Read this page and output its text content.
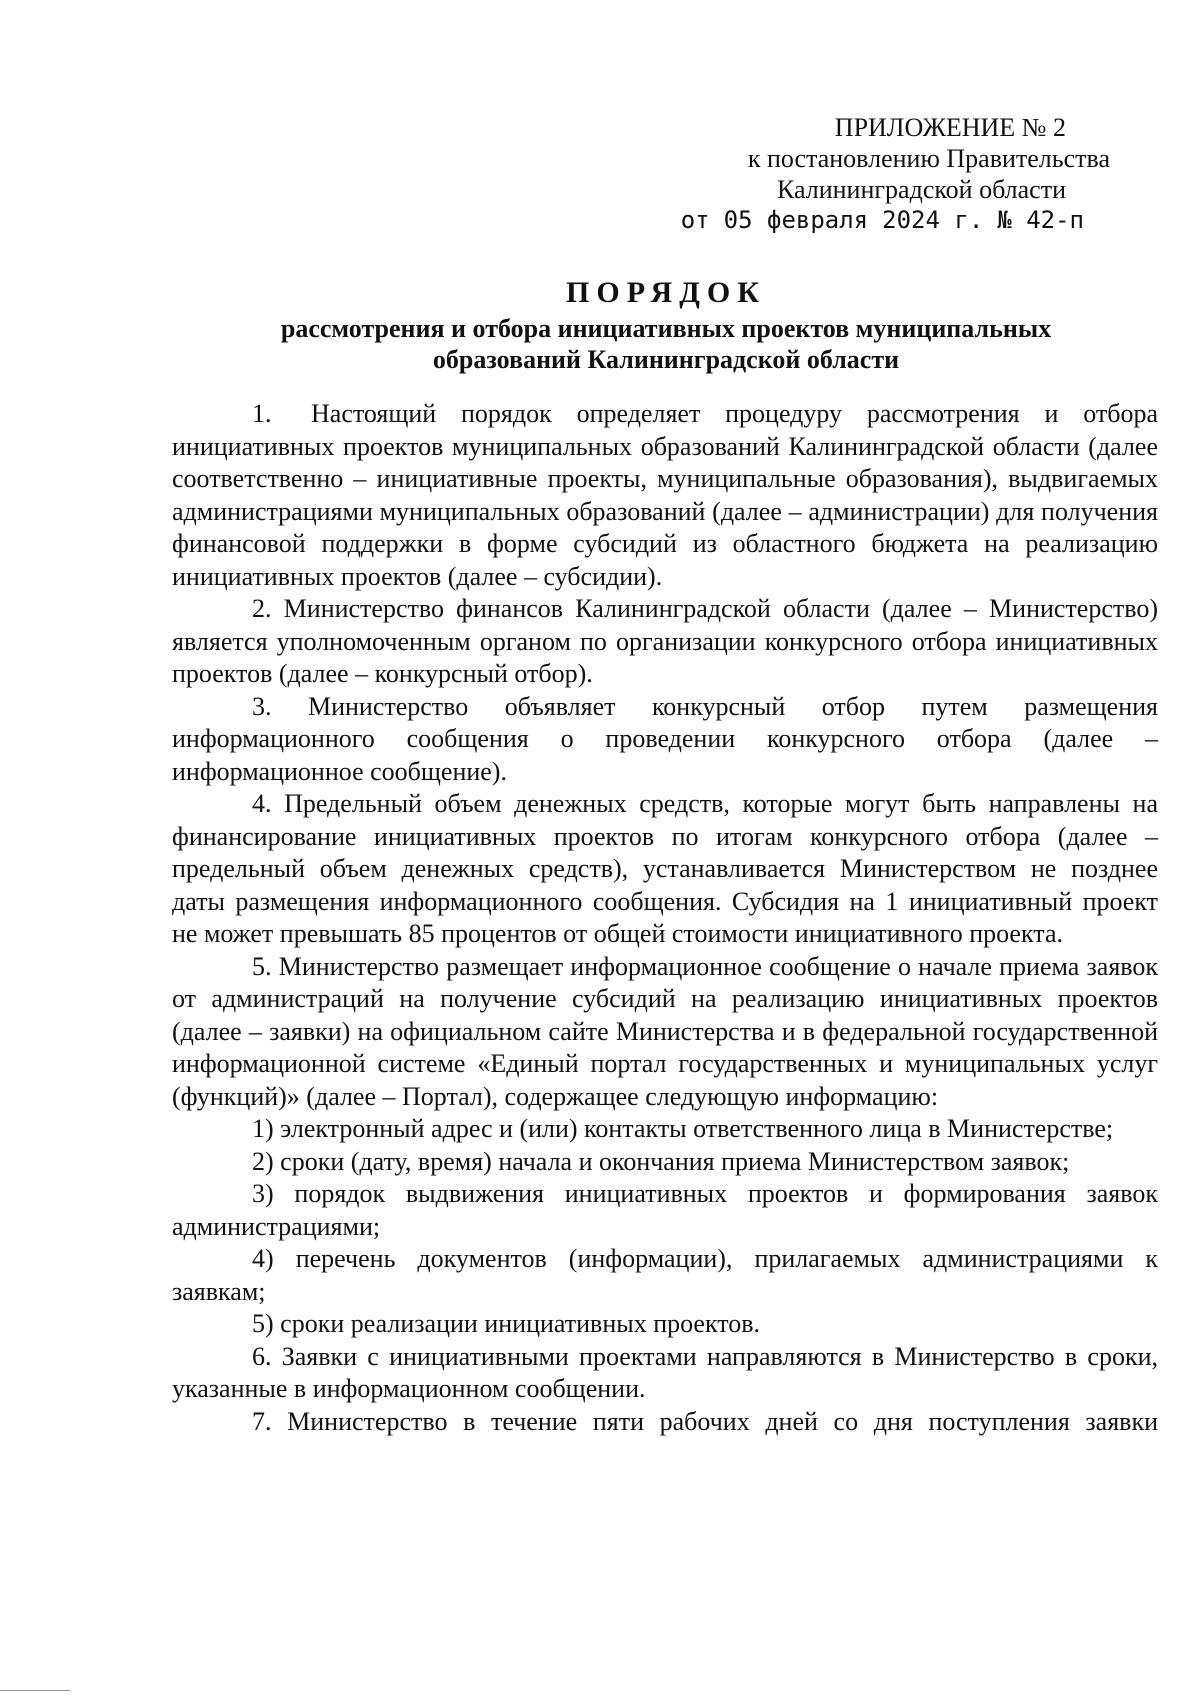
ПРИЛОЖЕНИЕ № 2
к постановлению Правительства
Калининградской области
от 05 февраля 2024 г. № 42-п
ПОРЯДОК
рассмотрения и отбора инициативных проектов муниципальных
образований Калининградской области

1. Настоящий порядок определяет процедуру рассмотрения и отбора инициативных проектов муниципальных образований Калининградской области (далее соответственно – инициативные проекты, муниципальные образования), выдвигаемых администрациями муниципальных образований (далее – администрации) для получения финансовой поддержки в форме субсидий из областного бюджета на реализацию инициативных проектов (далее – субсидии).

2. Министерство финансов Калининградской области (далее – Министерство) является уполномоченным органом по организации конкурсного отбора инициативных проектов (далее – конкурсный отбор).

3. Министерство объявляет конкурсный отбор путем размещения информационного сообщения о проведении конкурсного отбора (далее – информационное сообщение).

4. Предельный объем денежных средств, которые могут быть направлены на финансирование инициативных проектов по итогам конкурсного отбора (далее – предельный объем денежных средств), устанавливается Министерством не позднее даты размещения информационного сообщения. Субсидия на 1 инициативный проект не может превышать 85 процентов от общей стоимости инициативного проекта.

5. Министерство размещает информационное сообщение о начале приема заявок от администраций на получение субсидий на реализацию инициативных проектов (далее – заявки) на официальном сайте Министерства и в федеральной государственной информационной системе «Единый портал государственных и муниципальных услуг (функций)» (далее – Портал), содержащее следующую информацию:

1) электронный адрес и (или) контакты ответственного лица в Министерстве;

2) сроки (дату, время) начала и окончания приема Министерством заявок;

3) порядок выдвижения инициативных проектов и формирования заявок администрациями;

4) перечень документов (информации), прилагаемых администрациями к заявкам;

5) сроки реализации инициативных проектов.

6. Заявки с инициативными проектами направляются в Министерство в сроки, указанные в информационном сообщении.

7. Министерство в течение пяти рабочих дней со дня поступления заявки
